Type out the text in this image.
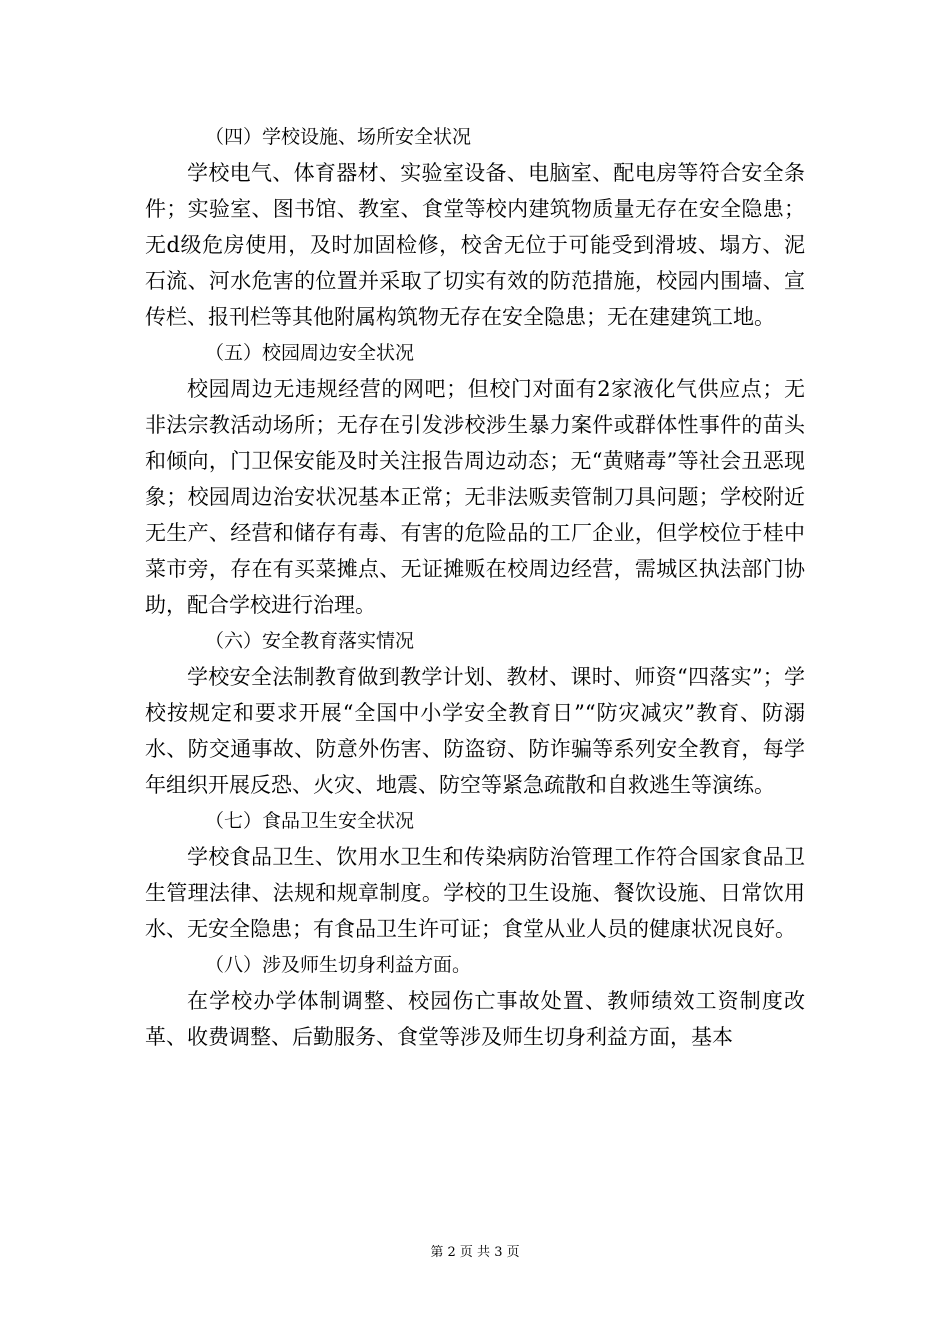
（四）学校设施、场所安全状况

学校电气、体育器材、实验室设备、电脑室、配电房等符合安全条件；实验室、图书馆、教室、食堂等校内建筑物质量无存在安全隐患；无d级危房使用，及时加固检修，校舍无位于可能受到滑坡、塌方、泥石流、河水危害的位置并采取了切实有效的防范措施，校园内围墙、宣传栏、报刊栏等其他附属构筑物无存在安全隐患；无在建建筑工地。

（五）校园周边安全状况

校园周边无违规经营的网吧；但校门对面有2家液化气供应点；无非法宗教活动场所；无存在引发涉校涉生暴力案件或群体性事件的苗头和倾向，门卫保安能及时关注报告周边动态；无“黄赌毒”等社会丑恶现象；校园周边治安状况基本正常；无非法贩卖管制刀具问题；学校附近无生产、经营和储存有毒、有害的危险品的工厂企业，但学校位于桂中菜市旁，存在有买菜摊点、无证摊贩在校周边经营，需城区执法部门协助，配合学校进行治理。

（六）安全教育落实情况

学校安全法制教育做到教学计划、教材、课时、师资“四落实”；学校按规定和要求开展“全国中小学安全教育日”“防灾减灾”教育、防溺水、防交通事故、防意外伤害、防盗窃、防诈骗等系列安全教育，每学年组织开展反恐、火灾、地震、防空等紧急疏散和自救逃生等演练。

（七）食品卫生安全状况

学校食品卫生、饮用水卫生和传染病防治管理工作符合国家食品卫生管理法律、法规和规章制度。学校的卫生设施、餐饮设施、日常饮用水、无安全隐患；有食品卫生许可证；食堂从业人员的健康状况良好。

（八）涉及师生切身利益方面。

在学校办学体制调整、校园伤亡事故处置、教师绩效工资制度改革、收费调整、后勤服务、食堂等涉及师生切身利益方面，基本

第 2 页 共 3 页
